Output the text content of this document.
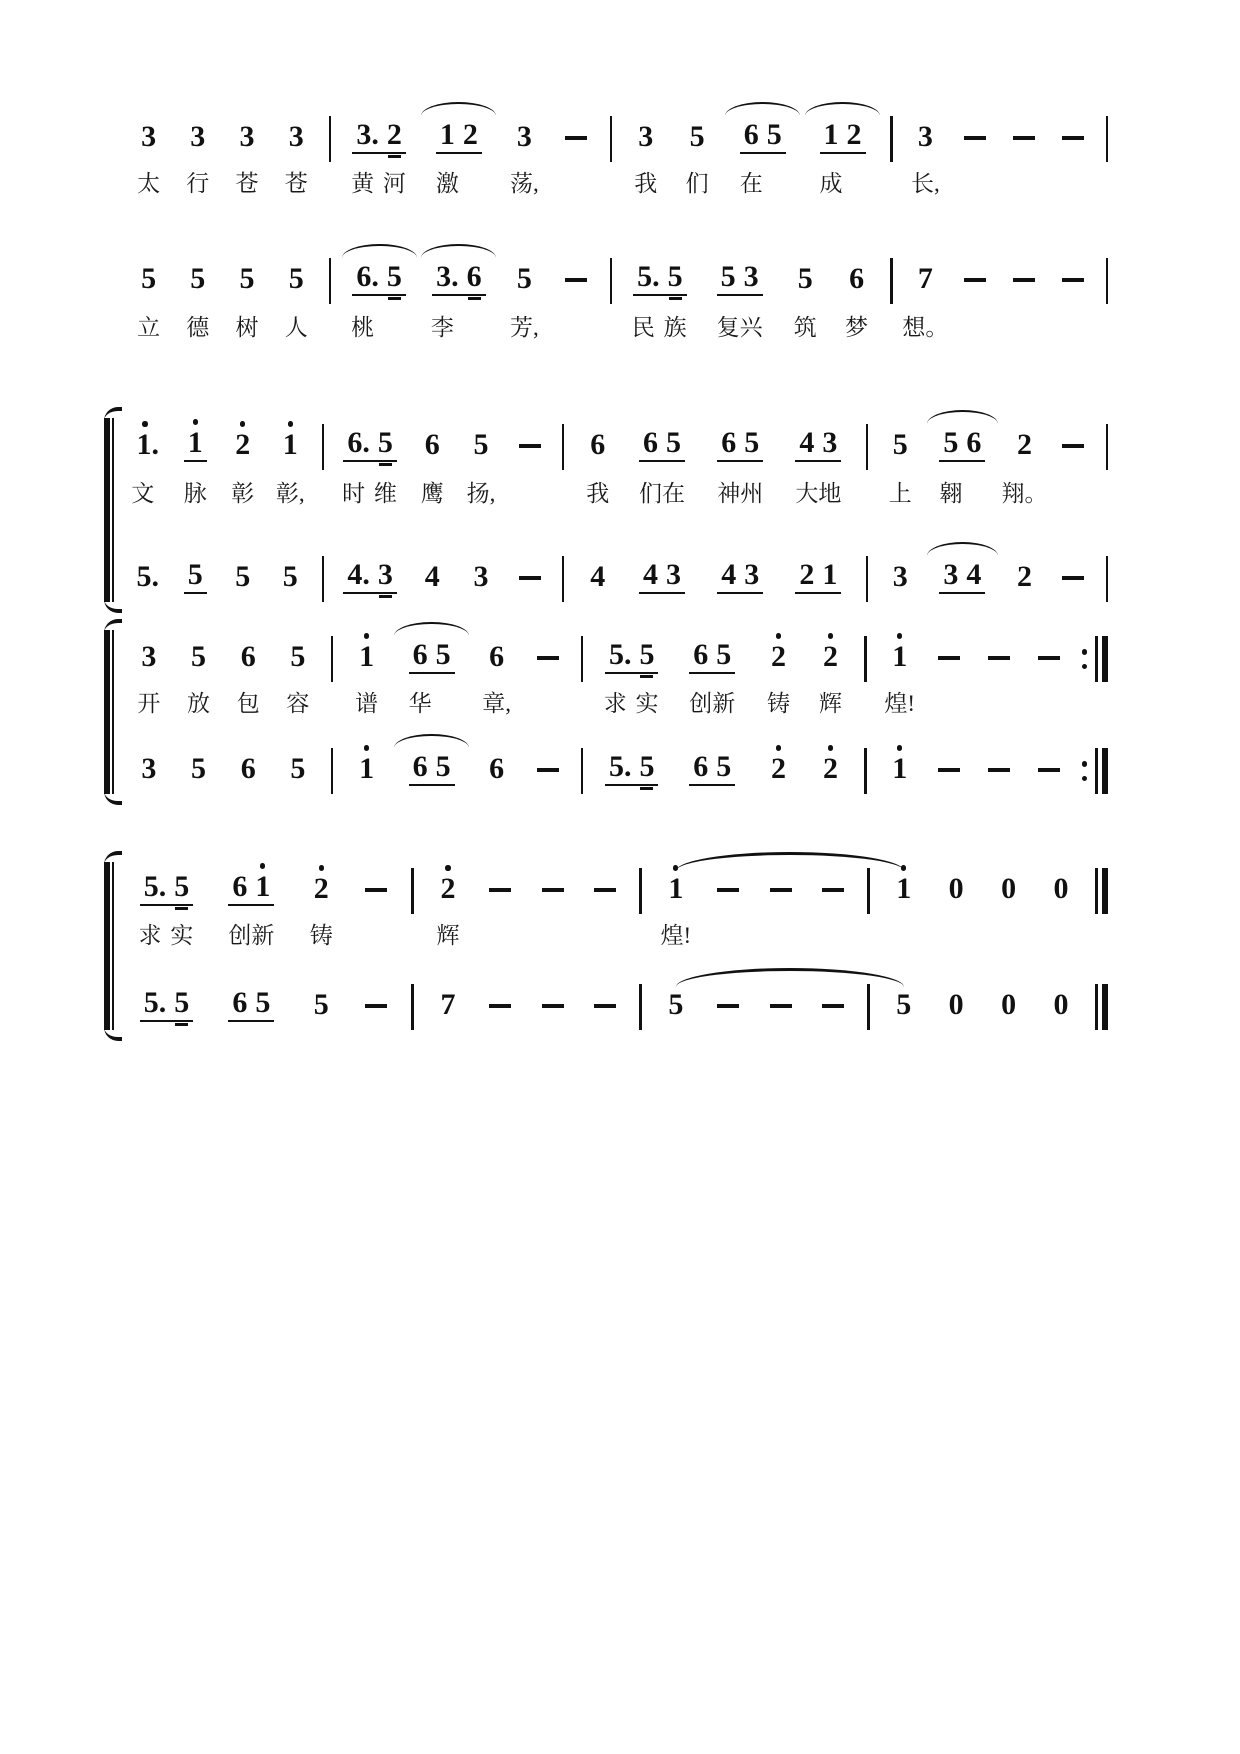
3 3 3 3 3. 2 1 2 3	3 5 6 5 1 2 3
太 行 苍 苍 黄 河 激 荡,	我 们 在 成	长,
5 5 5 5 6. 5 3. 6 5	5. 5 5 3 5 6 7
立 德 树 人 桃 李 芳,	民 族 复 兴 筑 梦 想。
1. 1 2 1 6. 5 6 5	6 6 5 6 5 4 3 5 5 6 2
文 脉 彰 彰, 时 维 鹰 扬,	我 们 在 神 州 大 地 上 翱 翔。
5. 5 5 5 4. 3 4 3	4 4 3 4 3 2 1 3 3 4 2
3 5 6 5 1 6 5 6	5. 5 6 5 2 2 1
开 放 包 容 谱 华 章,	求 实 创 新 铸 辉 煌!
3 5 6 5 1 6 5 6	5. 5 6 5 2 2 1
5. 5 6 1 2	2	1	1 0 0 0
求 实 创 新 铸	辉	煌!
5. 5 6 5 5	7	5	5 0 0 0
